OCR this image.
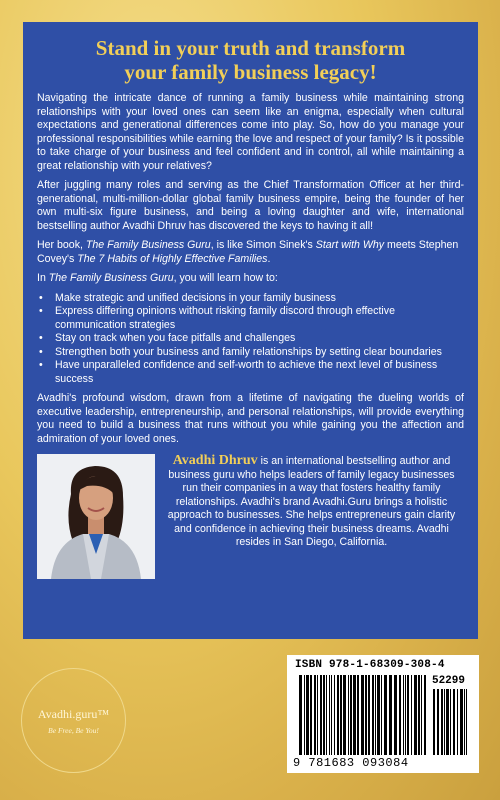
Stand in your truth and transform
your family business legacy!

Navigating the intricate dance of running a family business while maintaining strong relationships with your loved ones can seem like an enigma, especially when cultural expectations and generational differences come into play. So, how do you manage your professional responsibilities while earning the love and respect of your family? Is it possible to take charge of your business and feel confident and in control, all while maintaining a great relationship with your relatives?

After juggling many roles and serving as the Chief Transformation Officer at her third-generational, multi-million-dollar global family business empire, being the founder of her own multi-six figure business, and being a loving daughter and wife, international bestselling author Avadhi Dhruv has discovered the keys to having it all!

Her book, The Family Business Guru, is like Simon Sinek's Start with Why meets Stephen Covey's The 7 Habits of Highly Effective Families.

In The Family Business Guru, you will learn how to:

• Make strategic and unified decisions in your family business
• Express differing opinions without risking family discord through effective communication strategies
• Stay on track when you face pitfalls and challenges
• Strengthen both your business and family relationships by setting clear boundaries
• Have unparalleled confidence and self-worth to achieve the next level of business success

Avadhi's profound wisdom, drawn from a lifetime of navigating the dueling worlds of executive leadership, entrepreneurship, and personal relationships, will provide everything you need to build a business that runs without you while gaining you the affection and admiration of your loved ones.

Avadhi Dhruv is an international bestselling author and business guru who helps leaders of family legacy businesses run their companies in a way that fosters healthy family relationships. Avadhi's brand Avadhi.Guru brings a holistic approach to businesses. She helps entrepreneurs gain clarity and confidence in achieving their business dreams. Avadhi resides in San Diego, California.
Avadhi.guru™
Be Free, Be You!
ISBN 978-1-68309-308-4
52299
9 781683 093084
